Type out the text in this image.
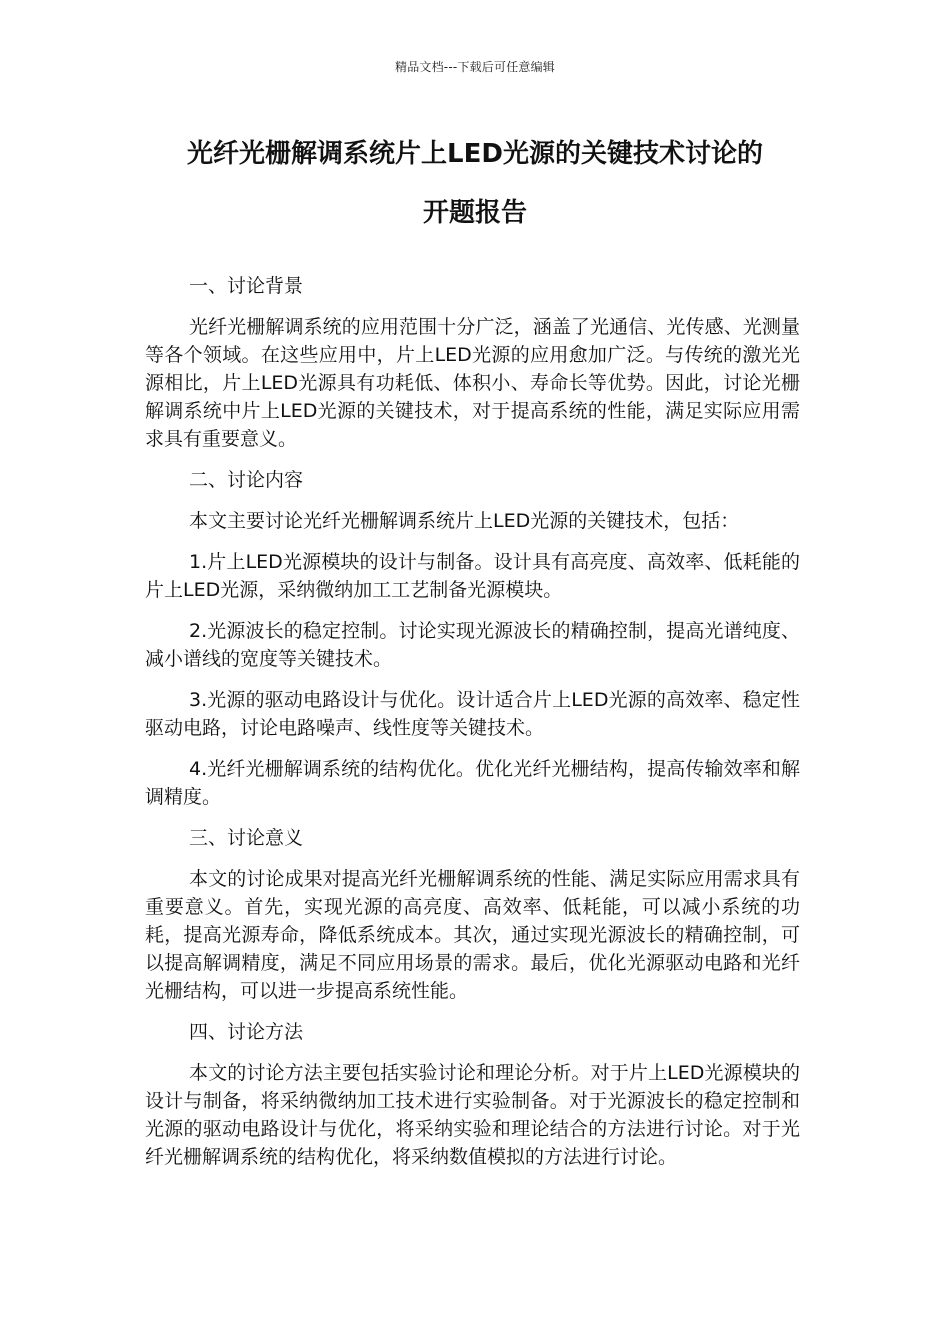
精品文档---下载后可任意编辑
光纤光栅解调系统片上LED光源的关键技术讨论的
开题报告

一、讨论背景

光纤光栅解调系统的应用范围十分广泛，涵盖了光通信、光传感、光测量等各个领域。在这些应用中，片上LED光源的应用愈加广泛。与传统的激光光源相比，片上LED光源具有功耗低、体积小、寿命长等优势。因此，讨论光栅解调系统中片上LED光源的关键技术，对于提高系统的性能，满足实际应用需求具有重要意义。

二、讨论内容

本文主要讨论光纤光栅解调系统片上LED光源的关键技术，包括：

1.片上LED光源模块的设计与制备。设计具有高亮度、高效率、低耗能的片上LED光源，采纳微纳加工工艺制备光源模块。

2.光源波长的稳定控制。讨论实现光源波长的精确控制，提高光谱纯度、减小谱线的宽度等关键技术。

3.光源的驱动电路设计与优化。设计适合片上LED光源的高效率、稳定性驱动电路，讨论电路噪声、线性度等关键技术。

4.光纤光栅解调系统的结构优化。优化光纤光栅结构，提高传输效率和解调精度。

三、讨论意义

本文的讨论成果对提高光纤光栅解调系统的性能、满足实际应用需求具有重要意义。首先，实现光源的高亮度、高效率、低耗能，可以减小系统的功耗，提高光源寿命，降低系统成本。其次，通过实现光源波长的精确控制，可以提高解调精度，满足不同应用场景的需求。最后，优化光源驱动电路和光纤光栅结构，可以进一步提高系统性能。

四、讨论方法

本文的讨论方法主要包括实验讨论和理论分析。对于片上LED光源模块的设计与制备，将采纳微纳加工技术进行实验制备。对于光源波长的稳定控制和光源的驱动电路设计与优化，将采纳实验和理论结合的方法进行讨论。对于光纤光栅解调系统的结构优化，将采纳数值模拟的方法进行讨论。
